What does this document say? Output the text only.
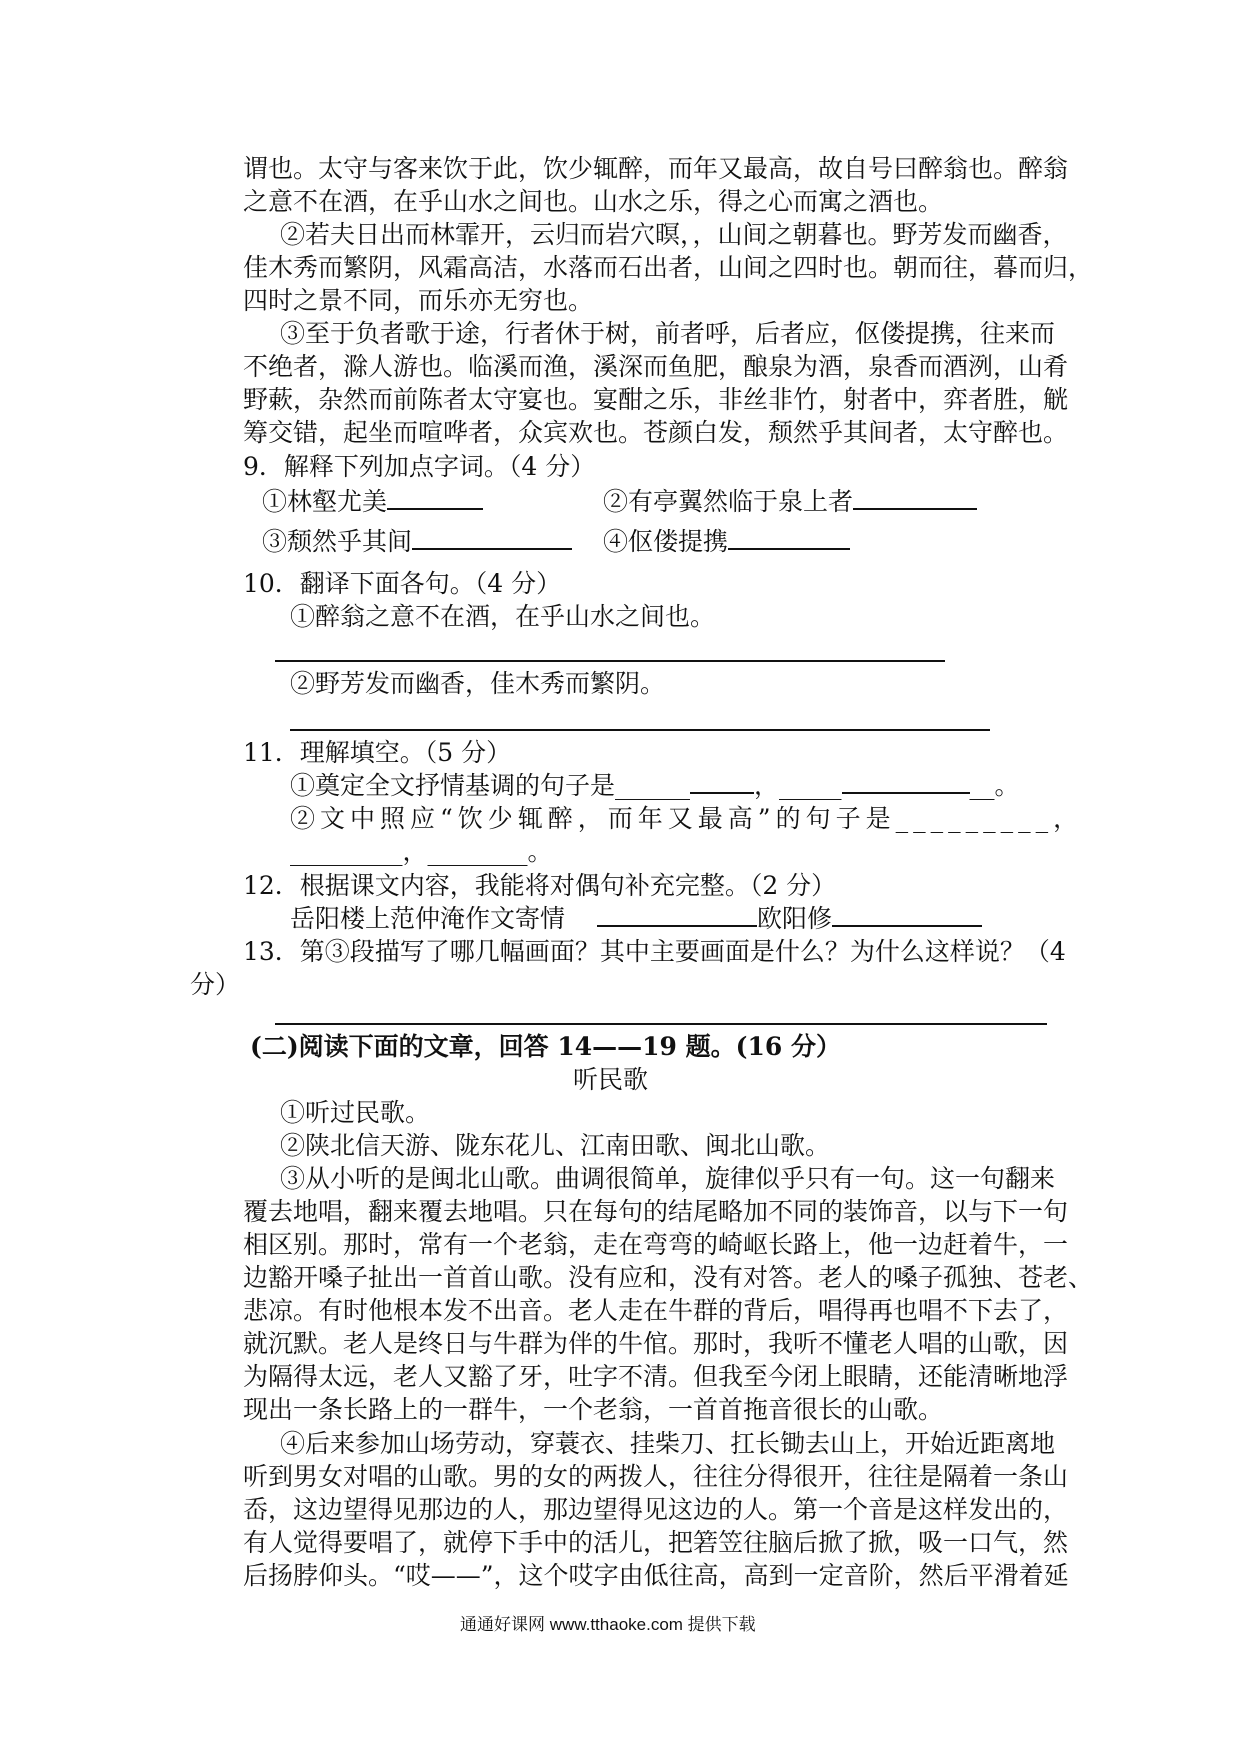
谓也。太守与客来饮于此，饮少辄醉，而年又最高，故自号曰醉翁也。醉翁
之意不在酒，在乎山水之间也。山水之乐，得之心而寓之酒也。
②若夫日出而林霏开，云归而岩穴暝，，山间之朝暮也。野芳发而幽香，
佳木秀而繁阴，风霜高洁，水落而石出者，山间之四时也。朝而往，暮而归，
四时之景不同，而乐亦无穷也。
③至于负者歌于途，行者休于树，前者呼，后者应，伛偻提携，往来而
不绝者，滁人游也。临溪而渔，溪深而鱼肥，酿泉为酒，泉香而酒洌，山肴
野蔌，杂然而前陈者太守宴也。宴酣之乐，非丝非竹，射者中，弈者胜，觥
筹交错，起坐而喧哗者，众宾欢也。苍颜白发，颓然乎其间者，太守醉也。
9．解释下列加点字词。（4 分）
①林壑尤美	②有亭翼然临于泉上者
③颓然乎其间	④伛偻提携
10．翻译下面各句。（4 分）
①醉翁之意不在酒，在乎山水之间也。
②野芳发而幽香，佳木秀而繁阴。
11．理解填空。（5 分）
①奠定全文抒情基调的句子是______	，_____	__。
②文中照应“饮少辄醉，而年又最高”的句子是_________，
_________，________。
12．根据课文内容，我能将对偶句补充完整。（2 分）
岳阳楼上范仲淹作文寄情	欧阳修
13．第③段描写了哪几幅画面？其中主要画面是什么？为什么这样说？（4
分）
(二)阅读下面的文章，回答 14——19 题。(16 分）
听民歌
①听过民歌。
②陕北信天游、陇东花儿、江南田歌、闽北山歌。
③从小听的是闽北山歌。曲调很简单，旋律似乎只有一句。这一句翻来
覆去地唱，翻来覆去地唱。只在每句的结尾略加不同的装饰音，以与下一句
相区别。那时，常有一个老翁，走在弯弯的崎岖长路上，他一边赶着牛，一
边豁开嗓子扯出一首首山歌。没有应和，没有对答。老人的嗓子孤独、苍老、
悲凉。有时他根本发不出音。老人走在牛群的背后，唱得再也唱不下去了，
就沉默。老人是终日与牛群为伴的牛倌。那时，我听不懂老人唱的山歌，因
为隔得太远，老人又豁了牙，吐字不清。但我至今闭上眼睛，还能清晰地浮
现出一条长路上的一群牛，一个老翁，一首首拖音很长的山歌。
④后来参加山场劳动，穿蓑衣、挂柴刀、扛长锄去山上，开始近距离地
听到男女对唱的山歌。男的女的两拨人，往往分得很开，往往是隔着一条山
岙，这边望得见那边的人，那边望得见这边的人。第一个音是这样发出的，
有人觉得要唱了，就停下手中的活儿，把箬笠往脑后掀了掀，吸一口气，然
后扬脖仰头。“哎——”，这个哎字由低往高，高到一定音阶，然后平滑着延
通通好课网 www.tthaoke.com 提供下载
